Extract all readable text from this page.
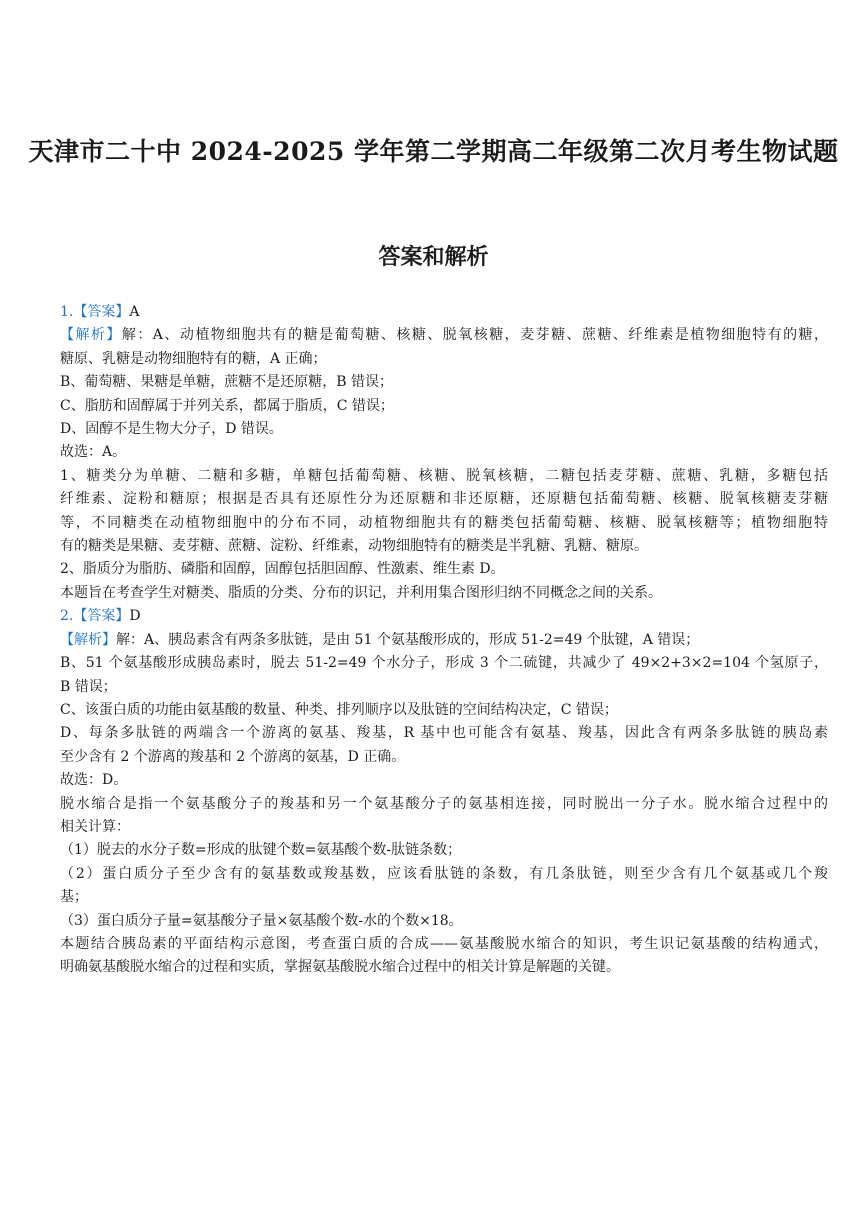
天津市二十中 2024-2025 学年第二学期高二年级第二次月考生物试题
答案和解析
1.【答案】A
【解析】解：A、动植物细胞共有的糖是葡萄糖、核糖、脱氧核糖，麦芽糖、蔗糖、纤维素是植物细胞特有的糖，
糖原、乳糖是动物细胞特有的糖，A 正确；
B、葡萄糖、果糖是单糖，蔗糖不是还原糖，B 错误；
C、脂肪和固醇属于并列关系，都属于脂质，C 错误；
D、固醇不是生物大分子，D 错误。
故选：A。
1、糖类分为单糖、二糖和多糖，单糖包括葡萄糖、核糖、脱氧核糖，二糖包括麦芽糖、蔗糖、乳糖，多糖包括
纤维素、淀粉和糖原；根据是否具有还原性分为还原糖和非还原糖，还原糖包括葡萄糖、核糖、脱氧核糖麦芽糖
等，不同糖类在动植物细胞中的分布不同，动植物细胞共有的糖类包括葡萄糖、核糖、脱氧核糖等；植物细胞特
有的糖类是果糖、麦芽糖、蔗糖、淀粉、纤维素，动物细胞特有的糖类是半乳糖、乳糖、糖原。
2、脂质分为脂肪、磷脂和固醇，固醇包括胆固醇、性激素、维生素 D。
本题旨在考查学生对糖类、脂质的分类、分布的识记，并利用集合图形归纳不同概念之间的关系。
2.【答案】D
【解析】解：A、胰岛素含有两条多肽链，是由 51 个氨基酸形成的，形成 51-2=49 个肽键，A 错误；
B、51 个氨基酸形成胰岛素时，脱去 51-2=49 个水分子，形成 3 个二硫键，共减少了 49×2+3×2=104 个氢原子，
B 错误；
C、该蛋白质的功能由氨基酸的数量、种类、排列顺序以及肽链的空间结构决定，C 错误；
D、每条多肽链的两端含一个游离的氨基、羧基，R 基中也可能含有氨基、羧基，因此含有两条多肽链的胰岛素
至少含有 2 个游离的羧基和 2 个游离的氨基，D 正确。
故选：D。
脱水缩合是指一个氨基酸分子的羧基和另一个氨基酸分子的氨基相连接，同时脱出一分子水。脱水缩合过程中的
相关计算：
（1）脱去的水分子数=形成的肽键个数=氨基酸个数-肽链条数；
（2）蛋白质分子至少含有的氨基数或羧基数，应该看肽链的条数，有几条肽链，则至少含有几个氨基或几个羧
基；
（3）蛋白质分子量=氨基酸分子量×氨基酸个数-水的个数×18。
本题结合胰岛素的平面结构示意图，考查蛋白质的合成——氨基酸脱水缩合的知识，考生识记氨基酸的结构通式，
明确氨基酸脱水缩合的过程和实质，掌握氨基酸脱水缩合过程中的相关计算是解题的关键。
